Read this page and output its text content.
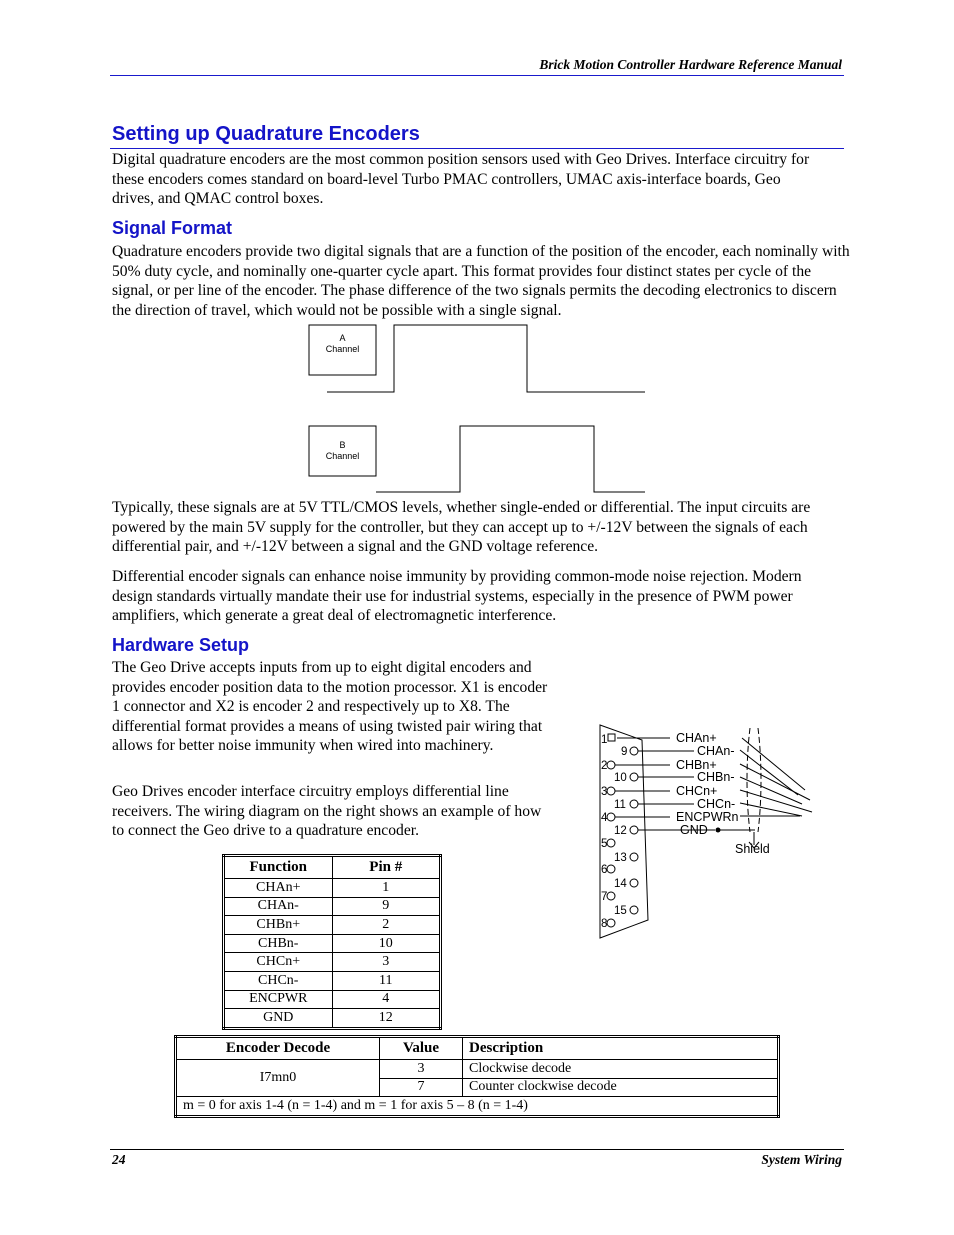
Brick Motion Controller Hardware Reference Manual
Setting up Quadrature Encoders

Digital quadrature encoders are the most common position sensors used with Geo Drives. Interface circuitry for these encoders comes standard on board-level Turbo PMAC controllers, UMAC axis-interface boards, Geo drives, and QMAC control boxes.

Signal Format

Quadrature encoders provide two digital signals that are a function of the position of the encoder, each nominally with 50% duty cycle, and nominally one-quarter cycle apart. This format provides four distinct states per cycle of the signal, or per line of the encoder. The phase difference of the two signals permits the decoding electronics to discern the direction of travel, which would not be possible with a single signal.

A
Channel
B
Channel

Typically, these signals are at 5V TTL/CMOS levels, whether single-ended or differential. The input circuits are powered by the main 5V supply for the controller, but they can accept up to +/-12V between the signals of each differential pair, and +/-12V between a signal and the GND voltage reference.

Differential encoder signals can enhance noise immunity by providing common-mode noise rejection. Modern design standards virtually mandate their use for industrial systems, especially in the presence of PWM power amplifiers, which generate a great deal of electromagnetic interference.

Hardware Setup

The Geo Drive accepts inputs from up to eight digital encoders and provides encoder position data to the motion processor. X1 is encoder 1 connector and X2 is encoder 2 and respectively up to X8. The differential format provides a means of using twisted pair wiring that allows for better noise immunity when wired into machinery.

Geo Drives encoder interface circuitry employs differential line receivers. The wiring diagram on the right shows an example of how to connect the Geo drive to a quadrature encoder.

1
2
3
4
5
6
7
8
9
10
11
12
13
14
15
CHAn+
CHAn-
CHBn+
CHBn-
CHCn+
CHCn-
ENCPWRn
GND
Shield
Function	Pin #
CHAn+	1
CHAn-	9
CHBn+	2
CHBn-	10
CHCn+	3
CHCn-	11
ENCPWR	4
GND	12
Encoder Decode	Value	Description
I7mn0	3	Clockwise decode
	7	Counter clockwise decode
m = 0 for axis 1-4 (n = 1-4) and m = 1 for axis 5 – 8 (n = 1-4)		
24	System Wiring
